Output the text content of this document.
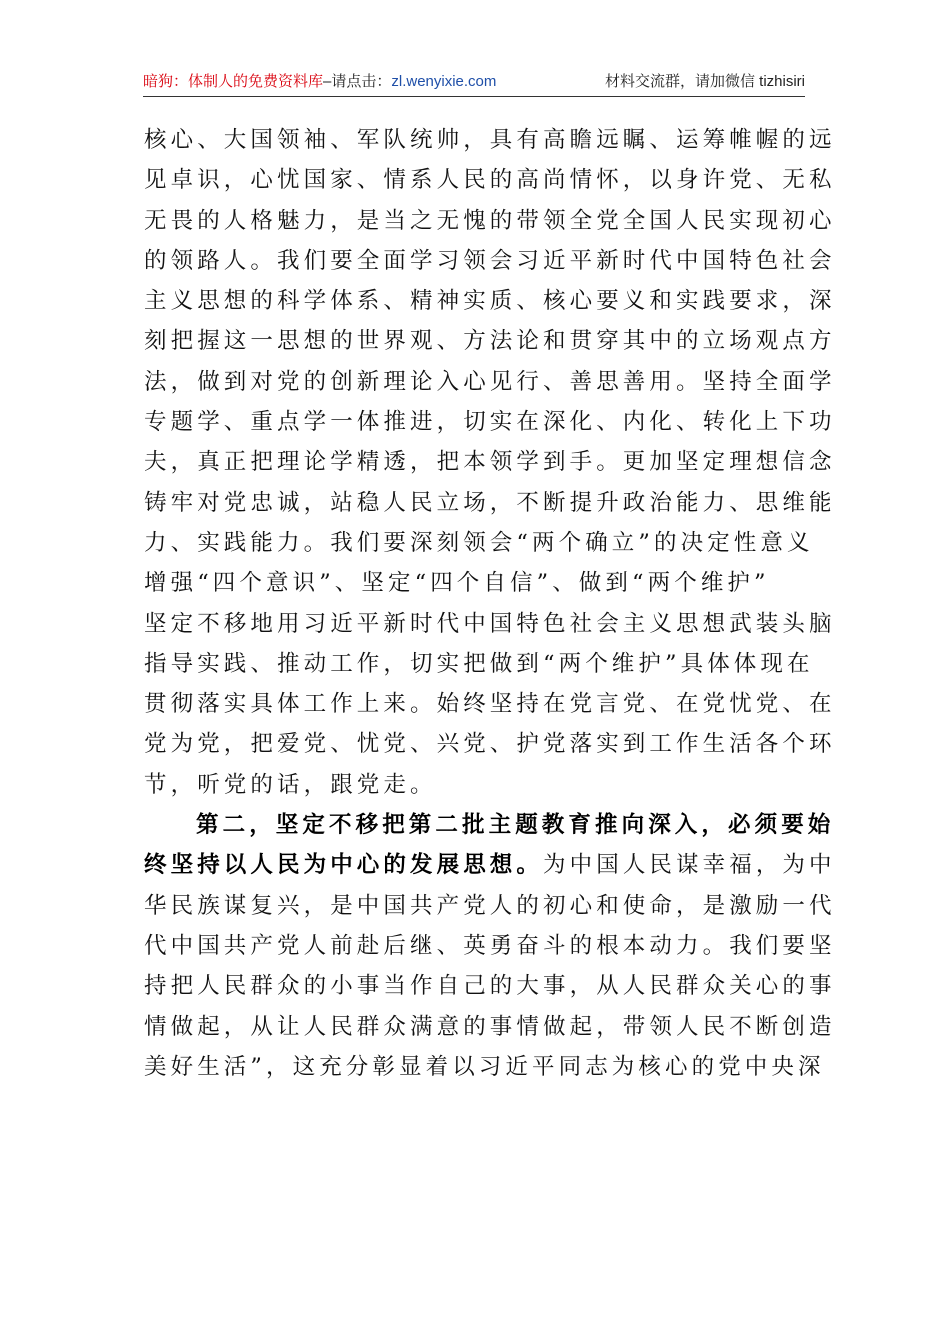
暗狗：体制人的免费资料库–请点击：zl.wenyixie.com	材料交流群，请加微信 tizhisiri
核心、大国领袖、军队统帅，具有高瞻远瞩、运筹帷幄的远
见卓识，心忧国家、情系人民的高尚情怀，以身许党、无私
无畏的人格魅力，是当之无愧的带领全党全国人民实现初心
的领路人。我们要全面学习领会习近平新时代中国特色社会
主义思想的科学体系、精神实质、核心要义和实践要求，深
刻把握这一思想的世界观、方法论和贯穿其中的立场观点方
法，做到对党的创新理论入心见行、善思善用。坚持全面学
专题学、重点学一体推进，切实在深化、内化、转化上下功
夫，真正把理论学精透，把本领学到手。更加坚定理想信念
铸牢对党忠诚，站稳人民立场，不断提升政治能力、思维能
力、实践能力。我们要深刻领会“两个确立”的决定性意义
增强“四个意识”、坚定“四个自信”、做到“两个维护”
坚定不移地用习近平新时代中国特色社会主义思想武装头脑
指导实践、推动工作，切实把做到“两个维护”具体体现在
贯彻落实具体工作上来。始终坚持在党言党、在党忧党、在
党为党，把爱党、忧党、兴党、护党落实到工作生活各个环
节，听党的话，跟党走。
第二，坚定不移把第二批主题教育推向深入，必须要始
终坚持以人民为中心的发展思想。为中国人民谋幸福，为中
华民族谋复兴，是中国共产党人的初心和使命，是激励一代
代中国共产党人前赴后继、英勇奋斗的根本动力。我们要坚
持把人民群众的小事当作自己的大事，从人民群众关心的事
情做起，从让人民群众满意的事情做起，带领人民不断创造
美好生活”，这充分彰显着以习近平同志为核心的党中央深
